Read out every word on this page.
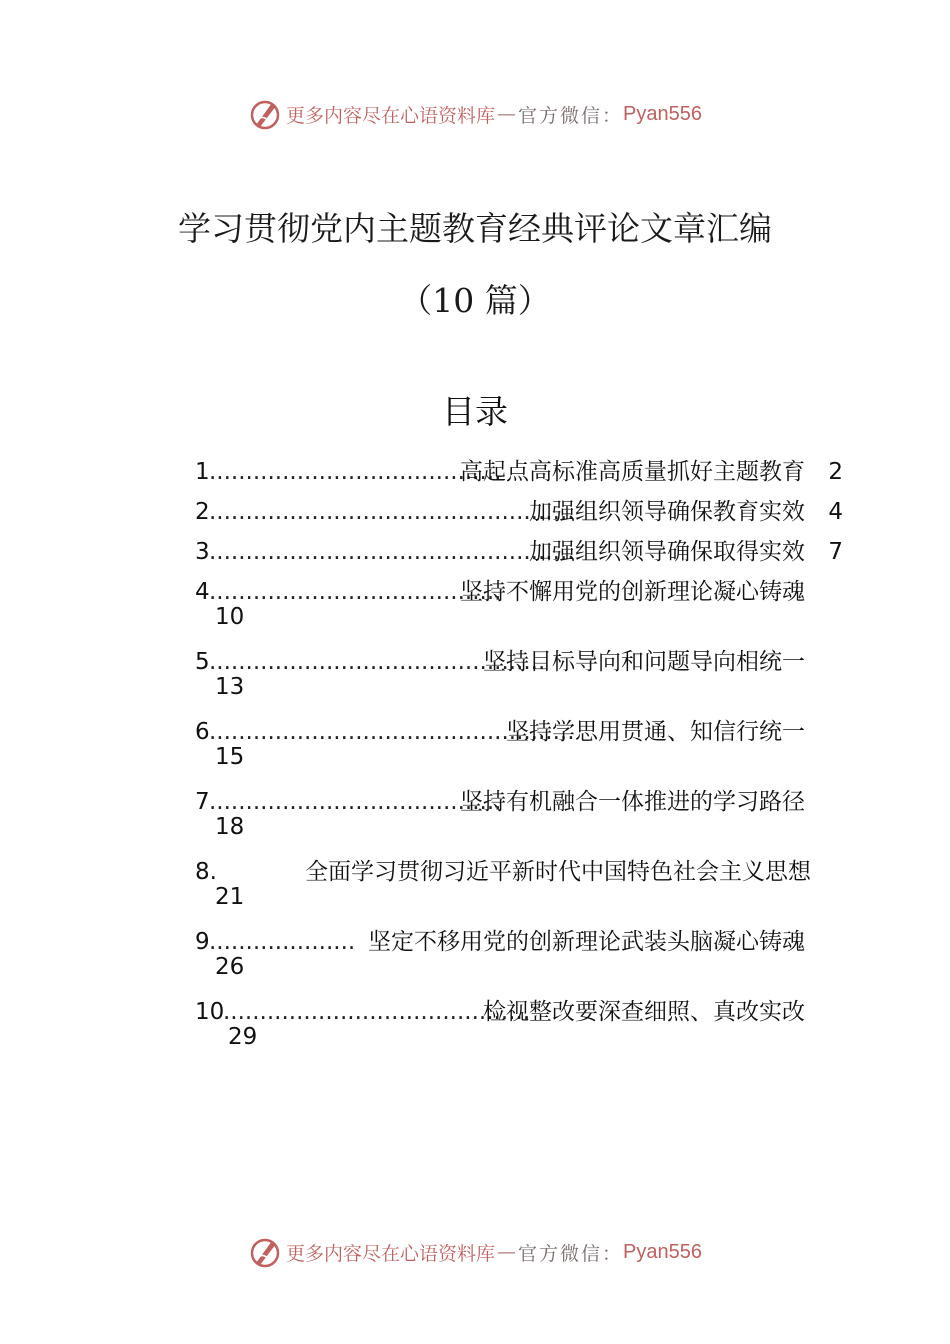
更多内容尽在心语资料库 — 官方微信： Pyan556
学习贯彻党内主题教育经典评论文章汇编
（10 篇）
目录
1 ........................................
高起点高标准高质量抓好主题教育 2
2 ..................................................
加强组织领导确保教育实效 4
3 ..................................................
加强组织领导确保取得实效 7
4 ........................................
坚持不懈用党的创新理论凝心铸魂
10
5 ..............................................
坚持目标导向和问题导向相统一
13
6 ..................................................
坚持学思用贯通、知信行统一
15
7 ........................................
坚持有机融合一体推进的学习路径
18
8.	全面学习贯彻习近平新时代中国特色社会主义思想
21
9 .................... 坚定不移用党的创新理论武装头脑凝心铸魂
26
10
..........................................
检视整改要深查细照、真改实改
29
更多内容尽在心语资料库 — 官方微信： Pyan556
